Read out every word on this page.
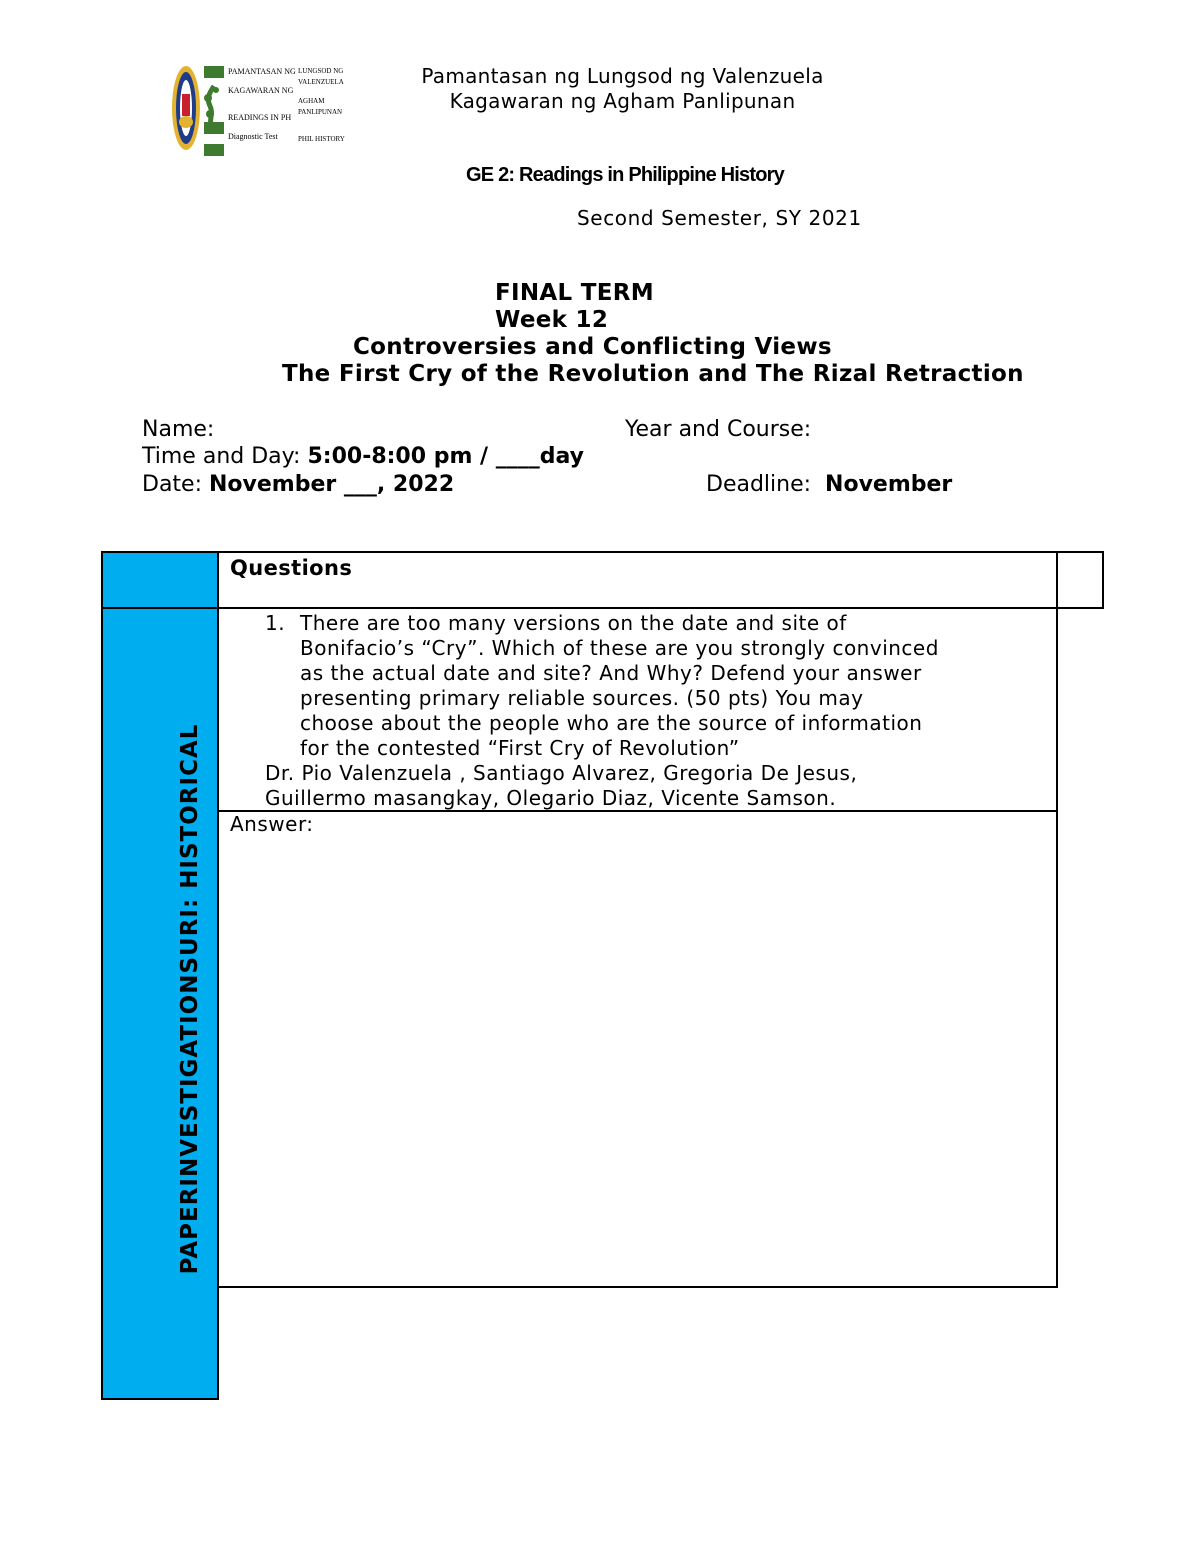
PAMANTASAN NG
KAGAWARAN NG
READINGS IN PH
Diagnostic Test
LUNGSOD NG VALENZUELA
AGHAM PANLIPUNAN
PHIL HISTORY
Pamantasan ng Lungsod ng Valenzuela
Kagawaran ng Agham Panlipunan
GE 2: Readings in Philippine History
Second Semester, SY 2021
FINAL TERM
Week 12
Controversies and Conflicting Views
The First Cry of the Revolution and The Rizal Retraction
Name:	Year and Course:
Time and Day: 5:00-8:00 pm / ____day
Date: November ___, 2022	Deadline: November
PAPERINVESTIGATIONSURI: HISTORICAL
Questions
1. There are too many versions on the date and site of
Bonifacio’s “Cry”. Which of these are you strongly convinced
as the actual date and site? And Why? Defend your answer
presenting primary reliable sources. (50 pts) You may
choose about the people who are the source of information
for the contested “First Cry of Revolution”
Dr. Pio Valenzuela , Santiago Alvarez, Gregoria De Jesus,
Guillermo masangkay, Olegario Diaz, Vicente Samson.
Answer:
